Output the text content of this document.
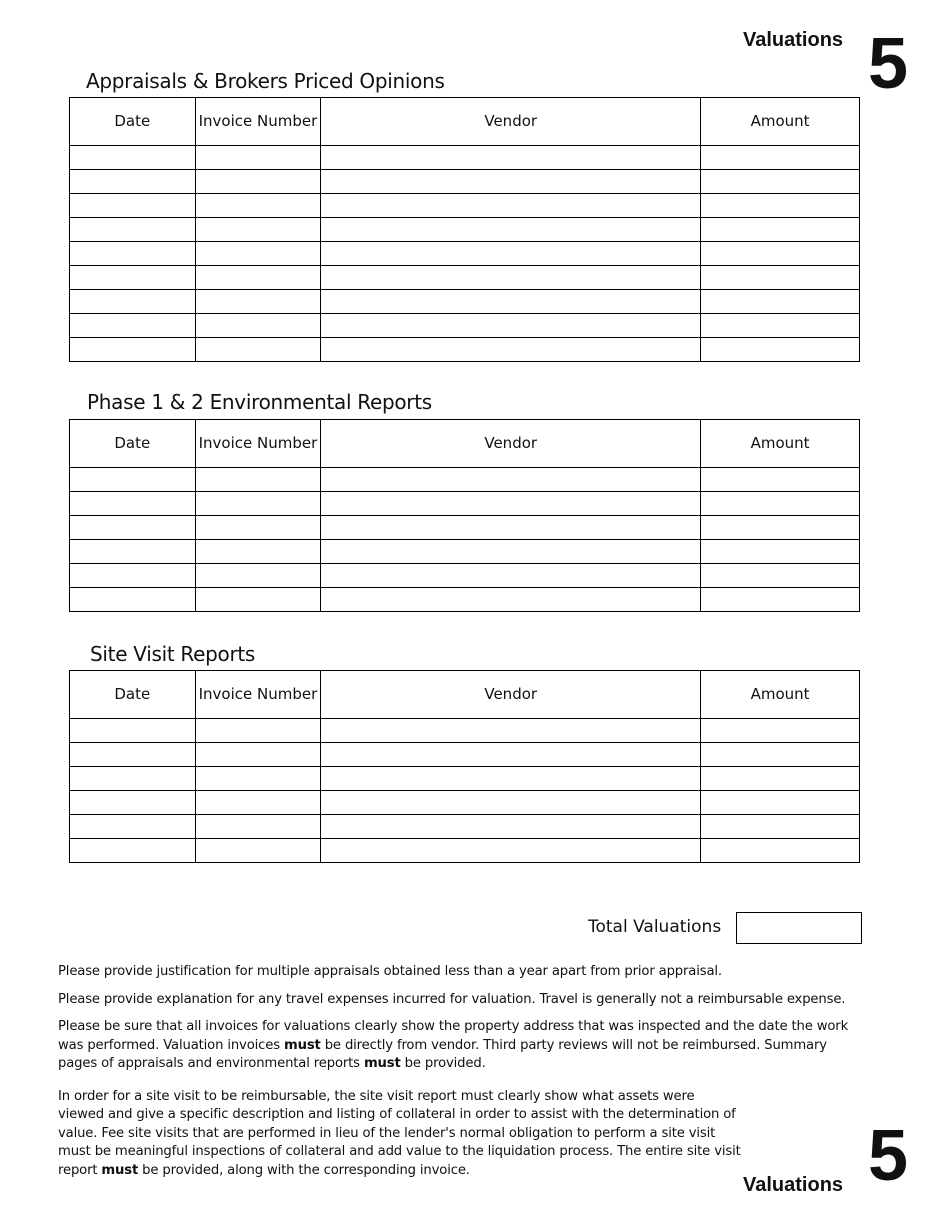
Valuations 5
Appraisals & Brokers Priced Opinions
Date	Invoice Number	Vendor	Amount

Phase 1 & 2 Environmental Reports
Date	Invoice Number	Vendor	Amount

Site Visit Reports
Date	Invoice Number	Vendor	Amount

Total Valuations

Please provide justification for multiple appraisals obtained less than a year apart from prior appraisal.

Please provide explanation for any travel expenses incurred for valuation. Travel is generally not a reimbursable expense.

Please be sure that all invoices for valuations clearly show the property address that was inspected and the date the work was performed. Valuation invoices must be directly from vendor. Third party reviews will not be reimbursed. Summary pages of appraisals and environmental reports must be provided.

In order for a site visit to be reimbursable, the site visit report must clearly show what assets were viewed and give a specific description and listing of collateral in order to assist with the determination of value. Fee site visits that are performed in lieu of the lender's normal obligation to perform a site visit must be meaningful inspections of collateral and add value to the liquidation process. The entire site visit report must be provided, along with the corresponding invoice.

Valuations 5
